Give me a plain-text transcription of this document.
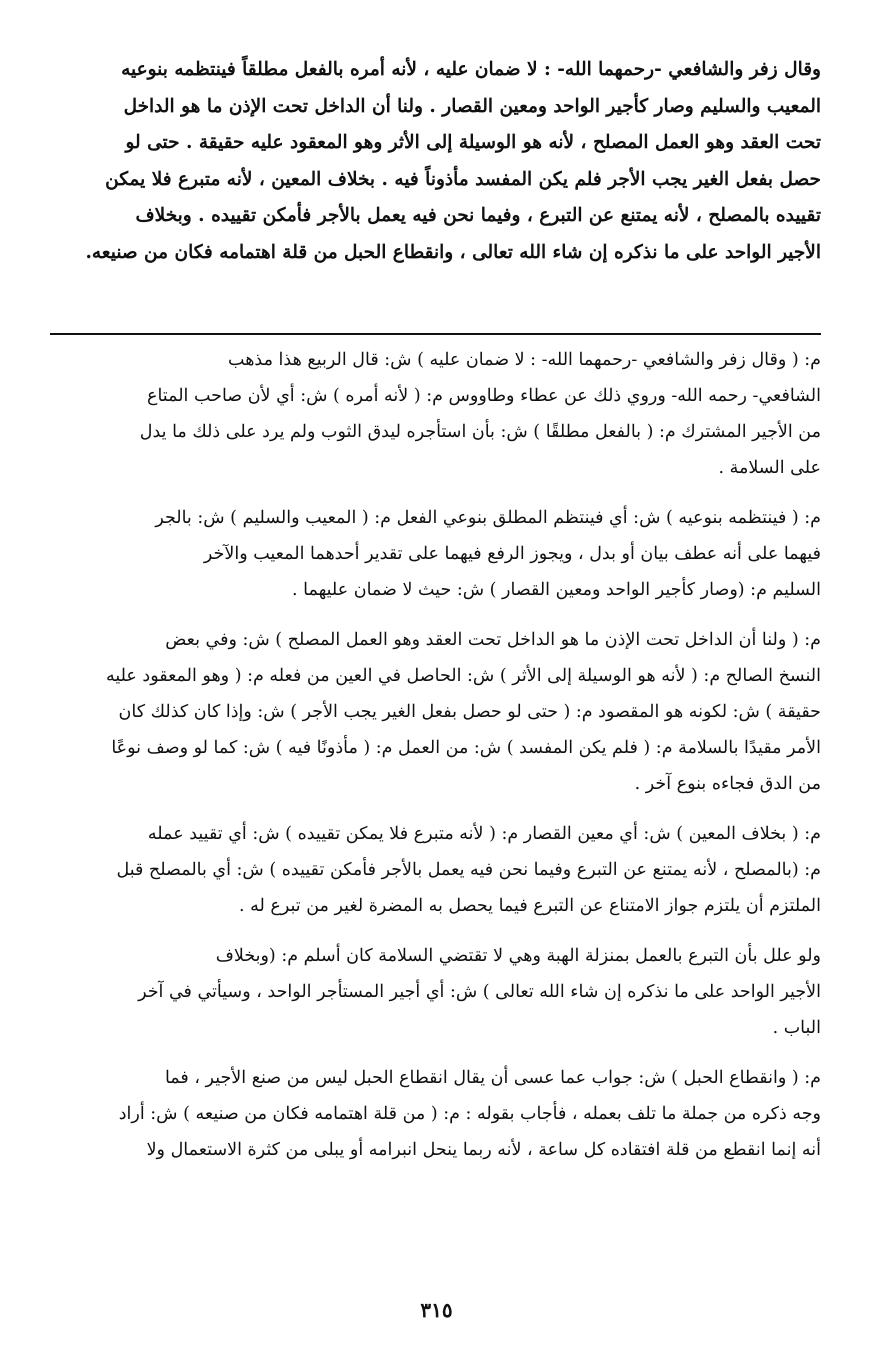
وقال زفر والشافعي -رحمهما الله- : لا ضمان عليه ، لأنه أمره بالفعل مطلقاً فينتظمه بنوعيه
المعيب والسليم وصار كأجير الواحد ومعين القصار . ولنا أن الداخل تحت الإذن ما هو الداخل
تحت العقد وهو العمل المصلح ، لأنه هو الوسيلة إلى الأثر وهو المعقود عليه حقيقة . حتى لو
حصل بفعل الغير يجب الأجر فلم يكن المفسد مأذوناً فيه . بخلاف المعين ، لأنه متبرع فلا يمكن
تقييده بالمصلح ، لأنه يمتنع عن التبرع ، وفيما نحن فيه يعمل بالأجر فأمكن تقييده . وبخلاف
الأجير الواحد على ما نذكره إن شاء الله تعالى ، وانقطاع الحبل من قلة اهتمامه فكان من صنيعه.
م: ( وقال زفر والشافعي -رحمهما الله- : لا ضمان عليه ) ش: قال الربيع هذا مذهب
الشافعي- رحمه الله- وروي ذلك عن عطاء وطاووس م: ( لأنه أمره ) ش: أي لأن صاحب المتاع
من الأجير المشترك م: ( بالفعل مطلقًا ) ش: بأن استأجره ليدق الثوب ولم يرد على ذلك ما يدل
على السلامة .
م: ( فينتظمه بنوعيه ) ش: أي فينتظم المطلق بنوعي الفعل م: ( المعيب والسليم ) ش: بالجر
فيهما على أنه عطف بيان أو بدل ، ويجوز الرفع فيهما على تقدير أحدهما المعيب والآخر
السليم م: (وصار كأجير الواحد ومعين القصار ) ش: حيث لا ضمان عليهما .
م: ( ولنا أن الداخل تحت الإذن ما هو الداخل تحت العقد وهو العمل المصلح ) ش: وفي بعض
النسخ الصالح م: ( لأنه هو الوسيلة إلى الأثر ) ش: الحاصل في العين من فعله م: ( وهو المعقود عليه
حقيقة ) ش: لكونه هو المقصود م: ( حتى لو حصل بفعل الغير يجب الأجر ) ش: وإذا كان كذلك كان
الأمر مقيدًا بالسلامة م: ( فلم يكن المفسد ) ش: من العمل م: ( مأذونًا فيه ) ش: كما لو وصف نوعًا
من الدق فجاءه بنوع آخر .
م: ( بخلاف المعين ) ش: أي معين القصار م: ( لأنه متبرع فلا يمكن تقييده ) ش: أي تقييد عمله
م: (بالمصلح ، لأنه يمتنع عن التبرع وفيما نحن فيه يعمل بالأجر فأمكن تقييده ) ش: أي بالمصلح قبل
الملتزم أن يلتزم جواز الامتناع عن التبرع فيما يحصل به المضرة لغير من تبرع له .
ولو علل بأن التبرع بالعمل بمنزلة الهبة وهي لا تقتضي السلامة كان أسلم م: (وبخلاف
الأجير الواحد على ما نذكره إن شاء الله تعالى ) ش: أي أجير المستأجر الواحد ، وسيأتي في آخر
الباب .
م: ( وانقطاع الحبل ) ش: جواب عما عسى أن يقال انقطاع الحبل ليس من صنع الأجير ، فما
وجه ذكره من جملة ما تلف بعمله ، فأجاب بقوله : م: ( من قلة اهتمامه فكان من صنيعه ) ش: أراد
أنه إنما انقطع من قلة افتقاده كل ساعة ، لأنه ربما ينحل انبرامه أو يبلى من كثرة الاستعمال ولا
٣١٥
